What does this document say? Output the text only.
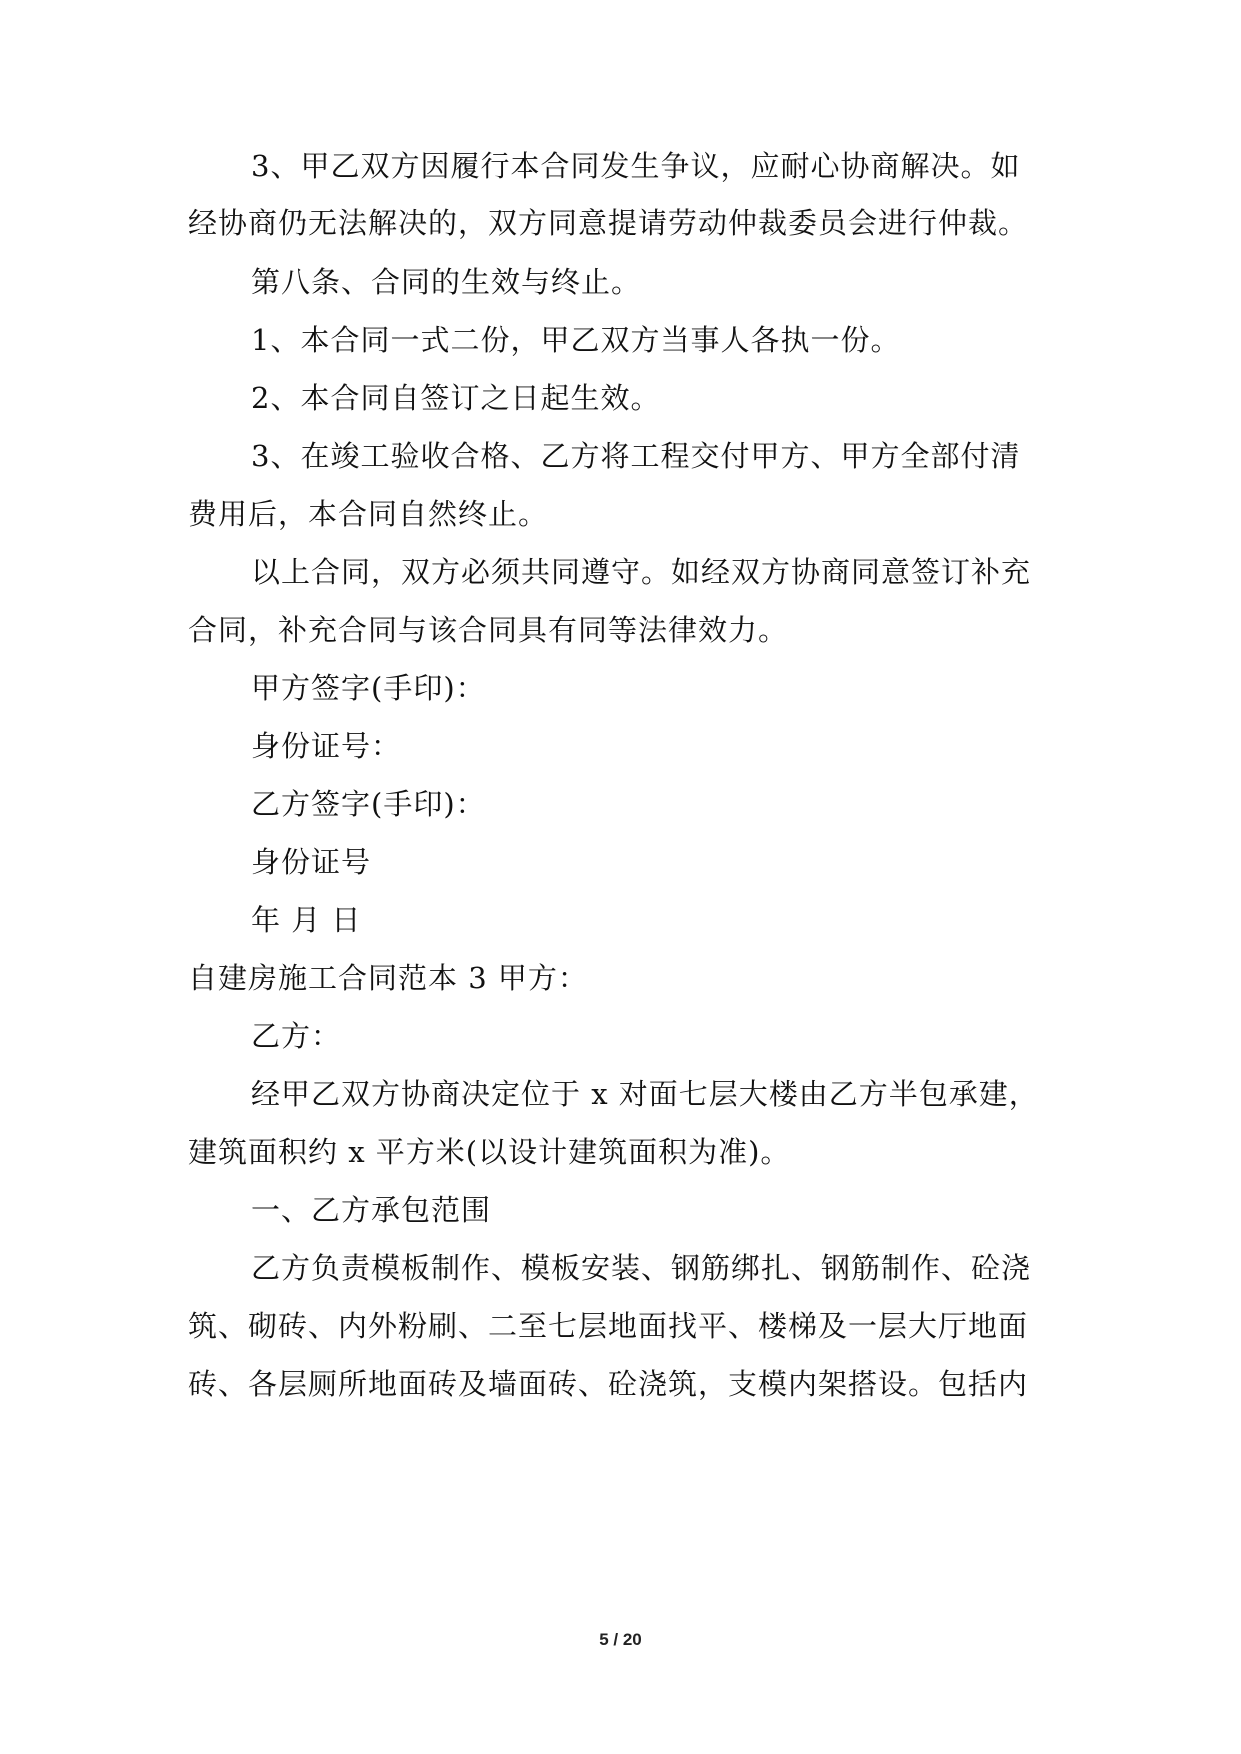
3、甲乙双方因履行本合同发生争议，应耐心协商解决。如
经协商仍无法解决的，双方同意提请劳动仲裁委员会进行仲裁。
第八条、合同的生效与终止。
1、本合同一式二份，甲乙双方当事人各执一份。
2、本合同自签订之日起生效。
3、在竣工验收合格、乙方将工程交付甲方、甲方全部付清
费用后，本合同自然终止。
以上合同，双方必须共同遵守。如经双方协商同意签订补充
合同，补充合同与该合同具有同等法律效力。
甲方签字(手印)：
身份证号：
乙方签字(手印)：
身份证号
年 月 日
自建房施工合同范本 3 甲方：
乙方：
经甲乙双方协商决定位于 x 对面七层大楼由乙方半包承建，
建筑面积约 x 平方米(以设计建筑面积为准)。
一、乙方承包范围
乙方负责模板制作、模板安装、钢筋绑扎、钢筋制作、砼浇
筑、砌砖、内外粉刷、二至七层地面找平、楼梯及一层大厅地面
砖、各层厕所地面砖及墙面砖、砼浇筑，支模内架搭设。包括内
5 / 20
